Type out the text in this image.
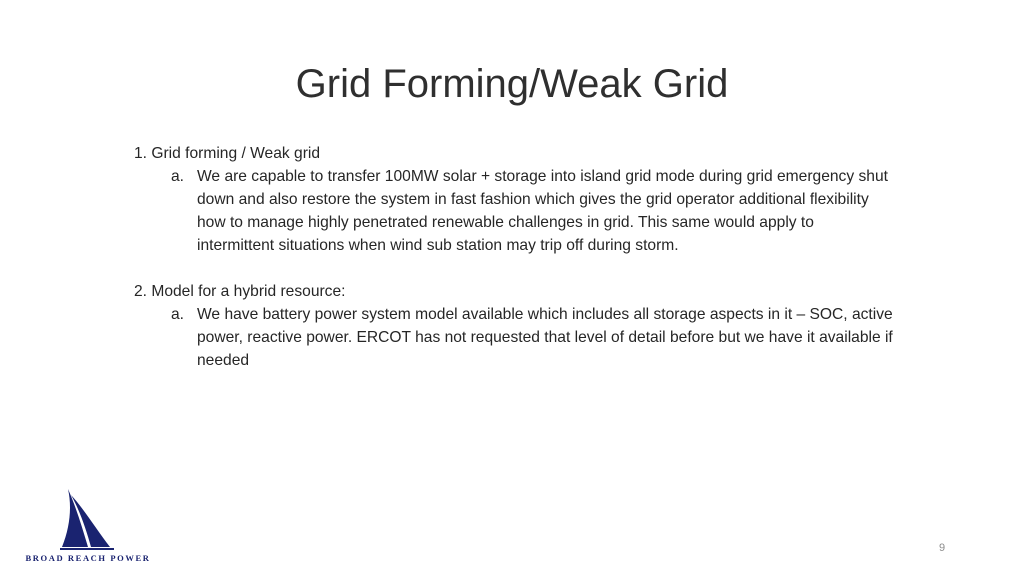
Grid Forming/Weak Grid
1. Grid forming / Weak grid
a. We are capable to transfer 100MW solar + storage into island grid mode during grid emergency shut down and also restore the system in fast fashion which gives the grid operator additional flexibility how to manage highly penetrated renewable challenges in grid. This same would apply to intermittent situations when wind sub station may trip off during storm.
2. Model for a hybrid resource:
a. We have battery power system model available which includes all storage aspects in it – SOC, active power, reactive power. ERCOT has not requested that level of detail before but we have it available if needed
BROAD REACH POWER
9
